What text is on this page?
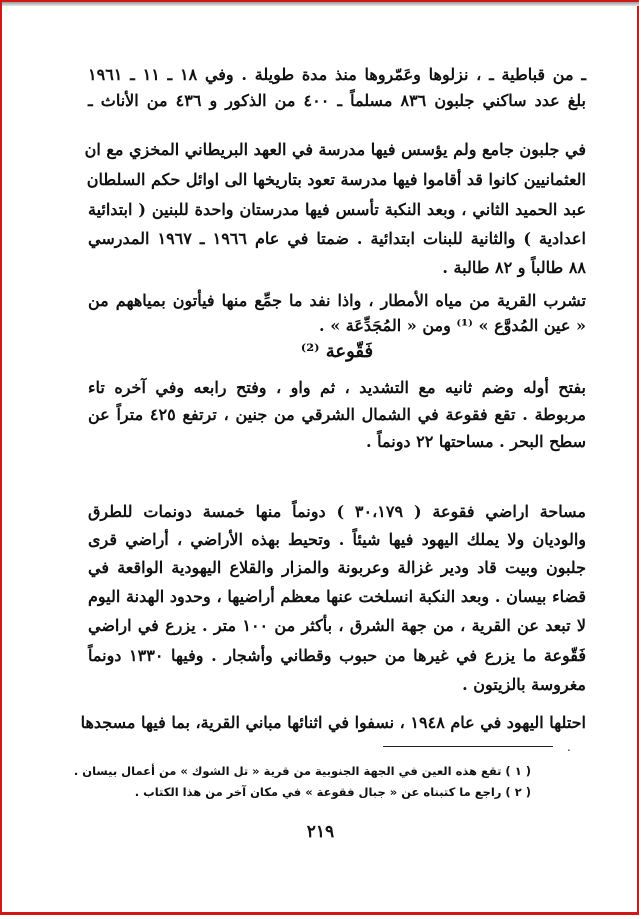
ـ من قباطية ـ ، نزلوها وعَمّروها منذ مدة طويلة . وفي ١٨ ـ ١١ ـ ١٩٦١
بلغ عدد ساكني جلبون ٨٣٦ مسلماً ـ ٤٠٠ من الذكور و ٤٣٦ من الأناث ـ
في جلبون جامع ولم يؤسس فيها مدرسة في العهد البريطاني المخزي مع ان
العثمانيين كانوا قد أقاموا فيها مدرسة تعود بتاريخها الى اوائل حكم السلطان
عبد الحميد الثاني ، وبعد النكبة تأسس فيها مدرستان واحدة للبنين ( ابتدائية
اعدادية ) والثانية للبنات ابتدائية . ضمتا في عام ١٩٦٦ ـ ١٩٦٧ المدرسي
٨٨ طالباً و ٨٢ طالبة .
تشرب القرية من مياه الأمطار ، واذا نفد ما جمِّع منها فيأتون بمياههم من
« عين المُدوَّع » ⁽¹⁾ ومن « المُجَدِّعَة » .
فَقّوعة ⁽²⁾
بفتح أوله وضم ثانيه مع التشديد ، ثم واو ، وفتح رابعه وفي آخره تاء
مربوطة . تقع فقوعة في الشمال الشرقي من جنين ، ترتفع ٤٢٥ متراً عن
سطح البحر . مساحتها ٢٢ دونماً .
مساحة اراضي فقوعة ( ٣٠،١٧٩ ) دونماً منها خمسة دونمات للطرق
والوديان ولا يملك اليهود فيها شيئاً . وتحيط بهذه الأراضي ، أراضي قرى
جلبون وبيت قاد ودير غزالة وعربونة والمزار والقلاع اليهودية الواقعة في
قضاء بيسان . وبعد النكبة انسلخت عنها معظم أراضيها ، وحدود الهدنة اليوم
لا تبعد عن القرية ، من جهة الشرق ، بأكثر من ١٠٠ متر . يزرع في اراضي
فَقّوعة ما يزرع في غيرها من حبوب وقطاني وأشجار . وفيها ١٣٣٠ دونماً
مغروسة بالزيتون .
احتلها اليهود في عام ١٩٤٨ ، نسفوا في اثنائها مباني القرية، بما فيها مسجدها
.
( ١ ) تقع هذه العين في الجهة الجنوبية من قرية « تل الشوك » من أعمال بيسان .
( ٢ ) راجع ما كتبناه عن « جبال فقوعة » في مكان آخر من هذا الكتاب .
٢١٩
